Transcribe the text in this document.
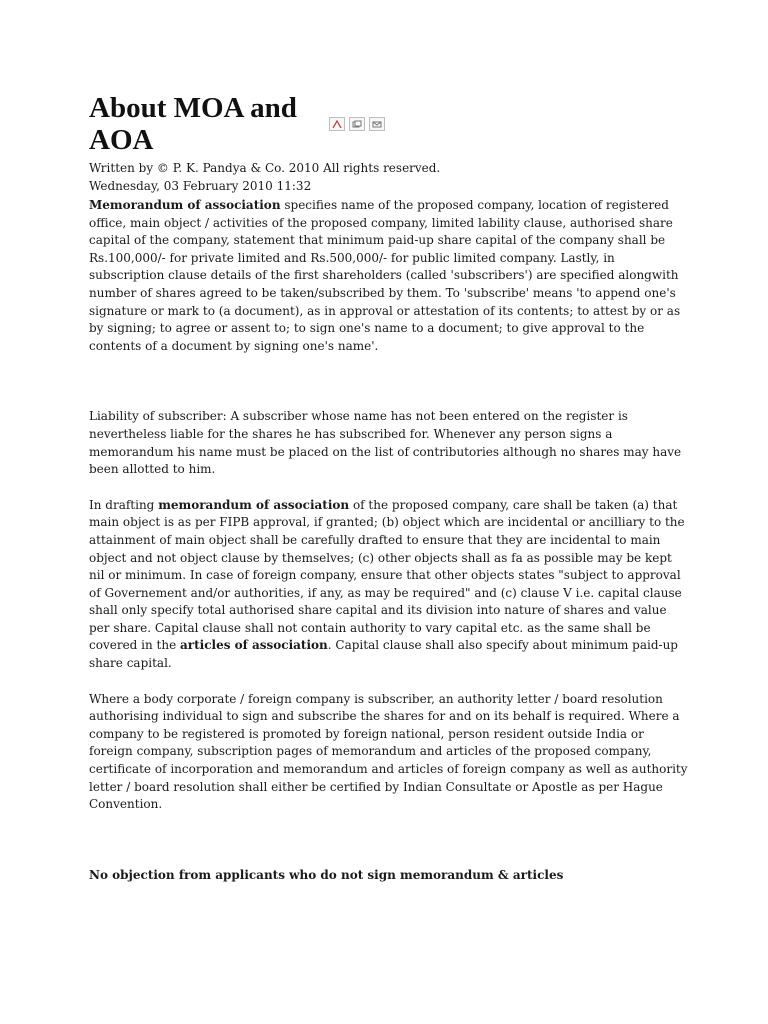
About MOA and AOA

Written by © P. K. Pandya & Co. 2010 All rights reserved.

Wednesday, 03 February 2010 11:32

Memorandum of association specifies name of the proposed company, location of registered office, main object / activities of the proposed company, limited lability clause, authorised share capital of the company, statement that minimum paid-up share capital of the company shall be Rs.100,000/- for private limited and Rs.500,000/- for public limited company. Lastly, in subscription clause details of the first shareholders (called 'subscribers') are specified alongwith number of shares agreed to be taken/subscribed by them. To 'subscribe' means 'to append one's signature or mark to (a document), as in approval or attestation of its contents; to attest by or as by signing; to agree or assent to; to sign one's name to a document; to give approval to the contents of a document by signing one's name'.

Liability of subscriber: A subscriber whose name has not been entered on the register is nevertheless liable for the shares he has subscribed for. Whenever any person signs a memorandum his name must be placed on the list of contributories although no shares may have been allotted to him.

In drafting memorandum of association of the proposed company, care shall be taken (a) that main object is as per FIPB approval, if granted; (b) object which are incidental or ancilliary to the attainment of main object shall be carefully drafted to ensure that they are incidental to main object and not object clause by themselves; (c) other objects shall as fa as possible may be kept nil or minimum. In case of foreign company, ensure that other objects states "subject to approval of Governement and/or authorities, if any, as may be required" and (c) clause V i.e. capital clause shall only specify total authorised share capital and its division into nature of shares and value per share. Capital clause shall not contain authority to vary capital etc. as the same shall be covered in the articles of association. Capital clause shall also specify about minimum paid-up share capital.

Where a body corporate / foreign company is subscriber, an authority letter / board resolution authorising individual to sign and subscribe the shares for and on its behalf is required. Where a company to be registered is promoted by foreign national, person resident outside India or foreign company, subscription pages of memorandum and articles of the proposed company, certificate of incorporation and memorandum and articles of foreign company as well as authority letter / board resolution shall either be certified by Indian Consultate or Apostle as per Hague Convention.

No objection from applicants who do not sign memorandum & articles
